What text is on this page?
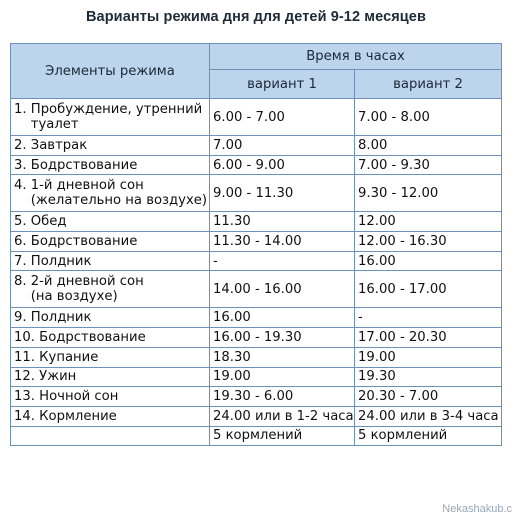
Варианты режима дня для детей 9-12 месяцев
Элементы режима	Время в часах	
	вариант 1	вариант 2

1. Пробуждение, утренний
туалет	6.00 - 7.00	7.00 - 8.00

2. Завтрак	7.00	8.00

3. Бодрствование	6.00 - 9.00	7.00 - 9.30

4. 1-й дневной сон
(желательно на воздухе)	9.00 - 11.30	9.30 - 12.00

5. Обед	11.30	12.00

6. Бодрствование	11.30 - 14.00	12.00 - 16.30

7. Полдник	-	16.00

8. 2-й дневной сон
(на воздухе)	14.00 - 16.00	16.00 - 17.00

9. Полдник	16.00	-

10. Бодрствование	16.00 - 19.30	17.00 - 20.30

11. Купание	18.30	19.00

12. Ужин	19.00	19.30

13. Ночной сон	19.30 - 6.00	20.30 - 7.00

14. Кормление	24.00 или в 1-2 часа	24.00 или в 3-4 часа

	5 кормлений	5 кормлений
Nekashakub.c
